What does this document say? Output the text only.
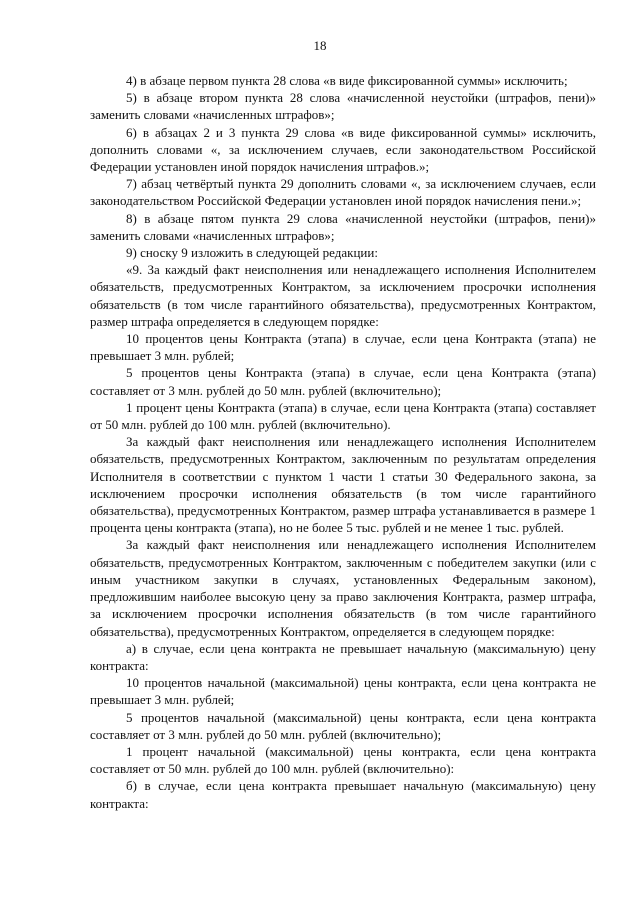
18

4) в абзаце первом пункта 28 слова «в виде фиксированной суммы» исключить;

5) в абзаце втором пункта 28 слова «начисленной неустойки (штрафов, пени)» заменить словами «начисленных штрафов»;

6) в абзацах 2 и 3 пункта 29 слова «в виде фиксированной суммы» исключить, дополнить словами «, за исключением случаев, если законодательством Российской Федерации установлен иной порядок начисления штрафов.»;

7) абзац четвёртый пункта 29 дополнить словами «, за исключением случаев, если законодательством Российской Федерации установлен иной порядок начисления пени.»;

8) в абзаце пятом пункта 29 слова «начисленной неустойки (штрафов, пени)» заменить словами «начисленных штрафов»;

9) сноску 9 изложить в следующей редакции:

«9. За каждый факт неисполнения или ненадлежащего исполнения Исполнителем обязательств, предусмотренных Контрактом, за исключением просрочки исполнения обязательств (в том числе гарантийного обязательства), предусмотренных Контрактом, размер штрафа определяется в следующем порядке:

10 процентов цены Контракта (этапа) в случае, если цена Контракта (этапа) не превышает 3 млн. рублей;

5 процентов цены Контракта (этапа) в случае, если цена Контракта (этапа) составляет от 3 млн. рублей до 50 млн. рублей (включительно);

1 процент цены Контракта (этапа) в случае, если цена Контракта (этапа) составляет от 50 млн. рублей до 100 млн. рублей (включительно).

За каждый факт неисполнения или ненадлежащего исполнения Исполнителем обязательств, предусмотренных Контрактом, заключенным по результатам определения Исполнителя в соответствии с пунктом 1 части 1 статьи 30 Федерального закона, за исключением просрочки исполнения обязательств (в том числе гарантийного обязательства), предусмотренных Контрактом, размер штрафа устанавливается в размере 1 процента цены контракта (этапа), но не более 5 тыс. рублей и не менее 1 тыс. рублей.

За каждый факт неисполнения или ненадлежащего исполнения Исполнителем обязательств, предусмотренных Контрактом, заключенным с победителем закупки (или с иным участником закупки в случаях, установленных Федеральным законом), предложившим наиболее высокую цену за право заключения Контракта, размер штрафа, за исключением просрочки исполнения обязательств (в том числе гарантийного обязательства), предусмотренных Контрактом, определяется в следующем порядке:

а) в случае, если цена контракта не превышает начальную (максимальную) цену контракта:

10 процентов начальной (максимальной) цены контракта, если цена контракта не превышает 3 млн. рублей;

5 процентов начальной (максимальной) цены контракта, если цена контракта составляет от 3 млн. рублей до 50 млн. рублей (включительно);

1 процент начальной (максимальной) цены контракта, если цена контракта составляет от 50 млн. рублей до 100 млн. рублей (включительно):

б) в случае, если цена контракта превышает начальную (максимальную) цену контракта:
